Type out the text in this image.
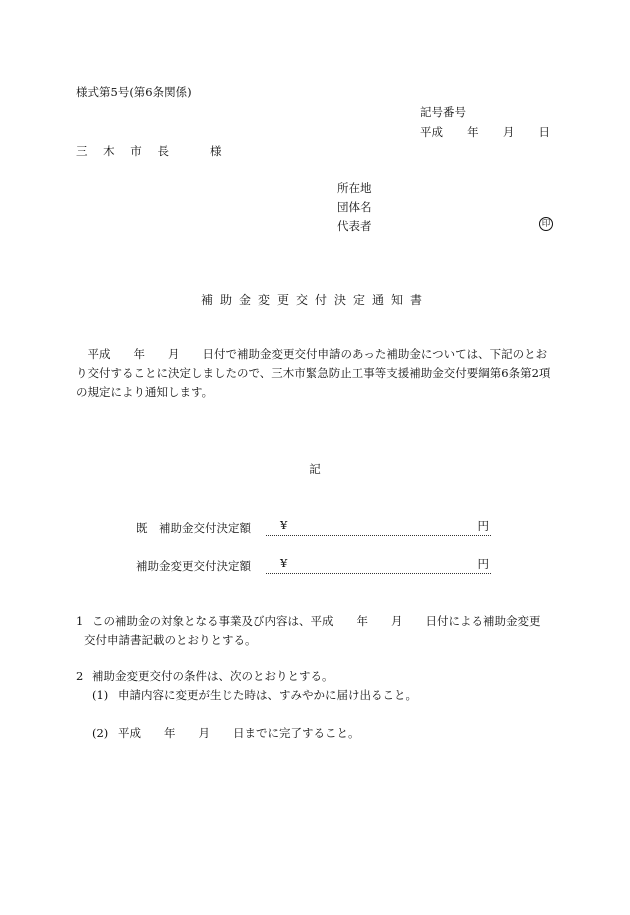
様式第5号(第6条関係)
記号番号
平成 年 月 日
三 木 市 長　　様
所在地
団体名
代表者	印
補助金変更交付決定通知書
　平成　　年　　月　　日付で補助金変更交付申請のあった補助金については、下記のとおり交付することに決定しましたので、三木市緊急防止工事等支援補助金交付要綱第6条第2項の規定により通知します。
記
既　補助金交付決定額	¥	円
補助金変更交付決定額	¥	円
1 この補助金の対象となる事業及び内容は、平成　　年　　月　　日付による補助金変更
交付申請書記載のとおりとする。
2 補助金変更交付の条件は、次のとおりとする。
(1) 申請内容に変更が生じた時は、すみやかに届け出ること。
(2) 平成　　年　　月　　日までに完了すること。
